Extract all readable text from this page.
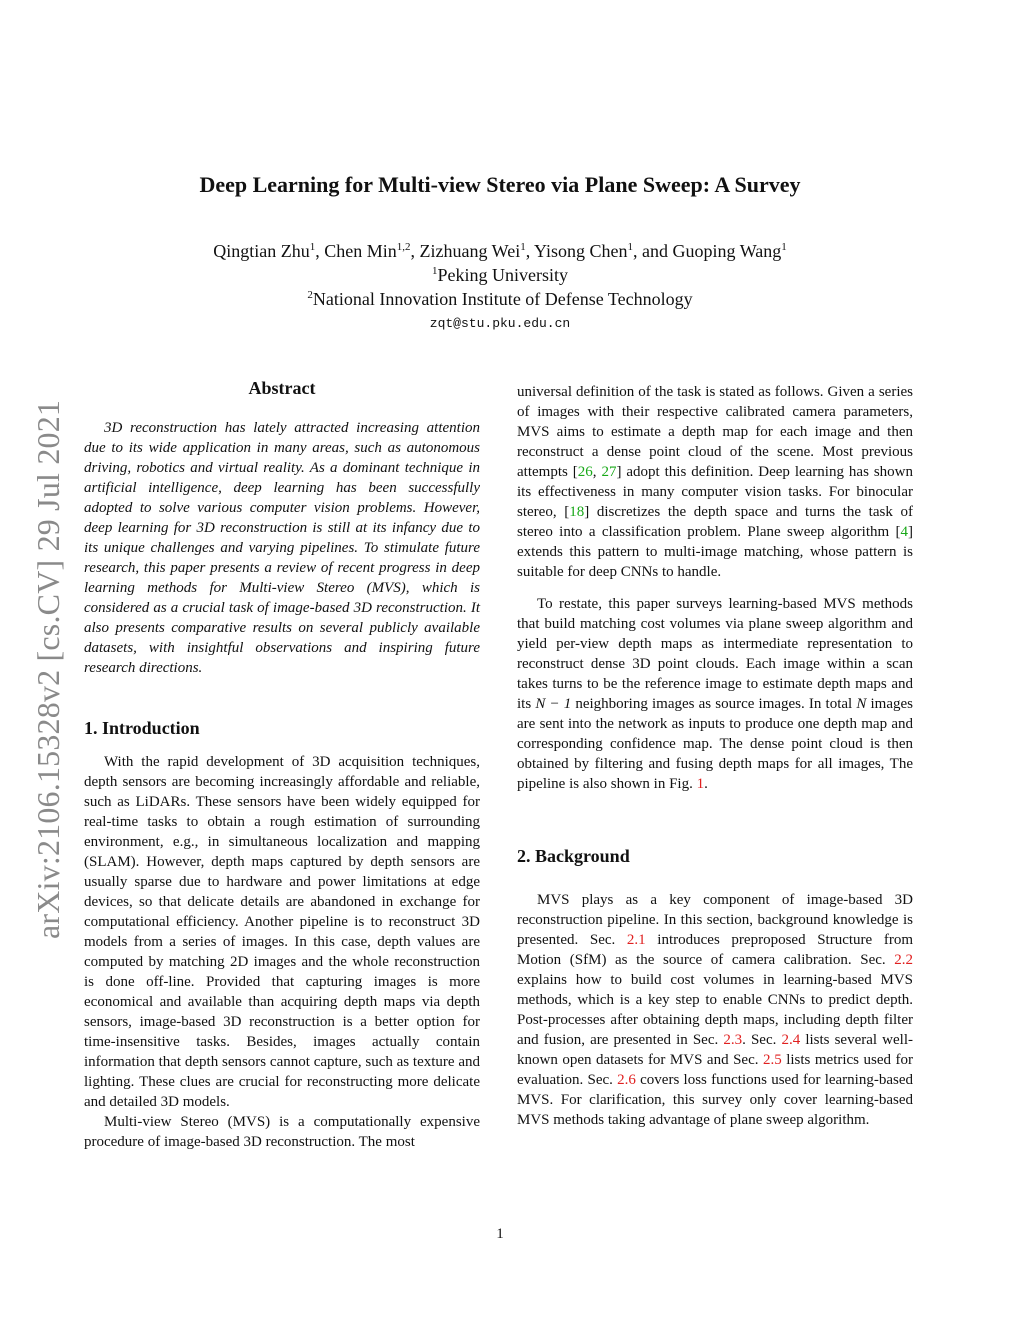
arXiv:2106.15328v2 [cs.CV] 29 Jul 2021
Deep Learning for Multi-view Stereo via Plane Sweep: A Survey
Qingtian Zhu$^1$, Chen Min$^{1,2}$, Zizhuang Wei$^1$, Yisong Chen$^1$, and Guoping Wang$^1$
$^1$Peking University
$^2$National Innovation Institute of Defense Technology
zqt@stu.pku.edu.cn
Abstract

3D reconstruction has lately attracted increasing attention due to its wide application in many areas, such as autonomous driving, robotics and virtual reality. As a dominant technique in artificial intelligence, deep learning has been successfully adopted to solve various computer vision problems. However, deep learning for 3D reconstruction is still at its infancy due to its unique challenges and varying pipelines. To stimulate future research, this paper presents a review of recent progress in deep learning methods for Multi-view Stereo (MVS), which is considered as a crucial task of image-based 3D reconstruction. It also presents comparative results on several publicly available datasets, with insightful observations and inspiring future research directions.

1. Introduction

With the rapid development of 3D acquisition techniques, depth sensors are becoming increasingly affordable and reliable, such as LiDARs. These sensors have been widely equipped for real-time tasks to obtain a rough estimation of surrounding environment, e.g., in simultaneous localization and mapping (SLAM). However, depth maps captured by depth sensors are usually sparse due to hardware and power limitations at edge devices, so that delicate details are abandoned in exchange for computational efficiency. Another pipeline is to reconstruct 3D models from a series of images. In this case, depth values are computed by matching 2D images and the whole reconstruction is done off-line. Provided that capturing images is more economical and available than acquiring depth maps via depth sensors, image-based 3D reconstruction is a better option for time-insensitive tasks. Besides, images actually contain information that depth sensors cannot capture, such as texture and lighting. These clues are crucial for reconstructing more delicate and detailed 3D models.

Multi-view Stereo (MVS) is a computationally expensive procedure of image-based 3D reconstruction. The most

universal definition of the task is stated as follows. Given a series of images with their respective calibrated camera parameters, MVS aims to estimate a depth map for each image and then reconstruct a dense point cloud of the scene. Most previous attempts [26, 27] adopt this definition. Deep learning has shown its effectiveness in many computer vision tasks. For binocular stereo, [18] discretizes the depth space and turns the task of stereo into a classification problem. Plane sweep algorithm [4] extends this pattern to multi-image matching, whose pattern is suitable for deep CNNs to handle.

To restate, this paper surveys learning-based MVS methods that build matching cost volumes via plane sweep algorithm and yield per-view depth maps as intermediate representation to reconstruct dense 3D point clouds. Each image within a scan takes turns to be the reference image to estimate depth maps and its N − 1 neighboring images as source images. In total N images are sent into the network as inputs to produce one depth map and corresponding confidence map. The dense point cloud is then obtained by filtering and fusing depth maps for all images, The pipeline is also shown in Fig. 1.

2. Background

MVS plays as a key component of image-based 3D reconstruction pipeline. In this section, background knowledge is presented. Sec. 2.1 introduces preproposed Structure from Motion (SfM) as the source of camera calibration. Sec. 2.2 explains how to build cost volumes in learning-based MVS methods, which is a key step to enable CNNs to predict depth. Post-processes after obtaining depth maps, including depth filter and fusion, are presented in Sec. 2.3. Sec. 2.4 lists several well-known open datasets for MVS and Sec. 2.5 lists metrics used for evaluation. Sec. 2.6 covers loss functions used for learning-based MVS. For clarification, this survey only cover learning-based MVS methods taking advantage of plane sweep algorithm.

1
